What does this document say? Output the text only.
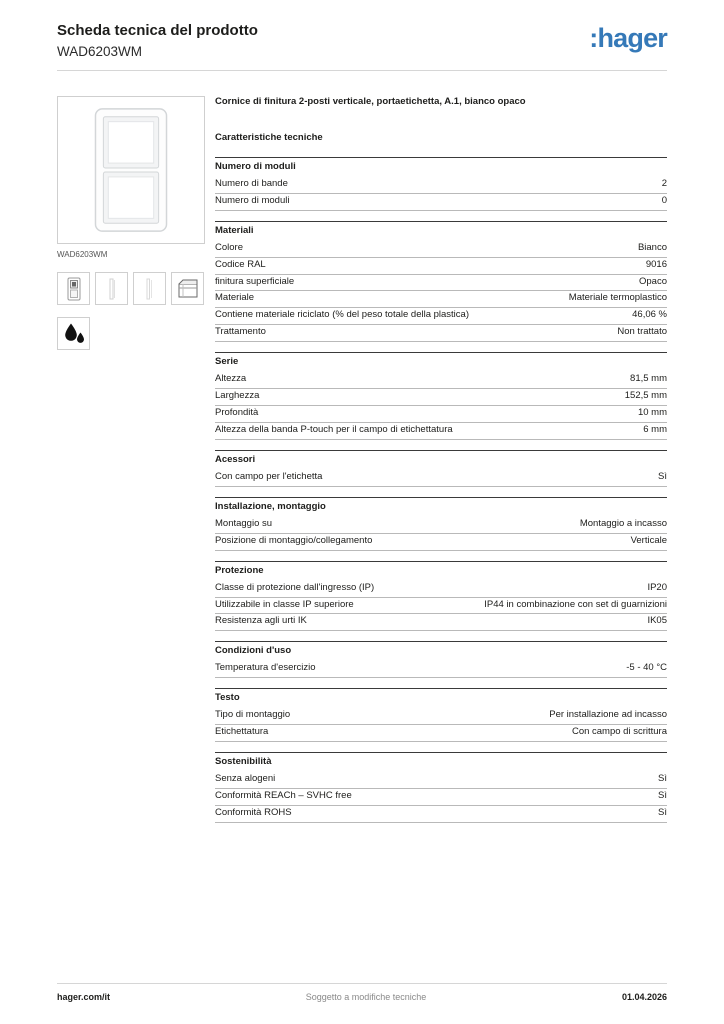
Scheda tecnica del prodotto
WAD6203WM	:hager
WAD6203WM
Cornice di finitura 2-posti verticale, portaetichetta, A.1, bianco opaco
Caratteristiche tecniche
Numero di moduli
Numero di bande	2
Numero di moduli	0
Materiali
Colore	Bianco
Codice RAL	9016
finitura superficiale	Opaco
Materiale	Materiale termoplastico
Contiene materiale riciclato (% del peso totale della plastica)	46,06 %
Trattamento	Non trattato
Serie
Altezza	81,5 mm
Larghezza	152,5 mm
Profondità	10 mm
Altezza della banda P-touch per il campo di etichettatura	6 mm
Acessori
Con campo per l'etichetta	Sì
Installazione, montaggio
Montaggio su	Montaggio a incasso
Posizione di montaggio/collegamento	Verticale
Protezione
Classe di protezione dall'ingresso (IP)	IP20
Utilizzabile in classe IP superiore	IP44 in combinazione con set di guarnizioni
Resistenza agli urti IK	IK05
Condizioni d'uso
Temperatura d'esercizio	-5 - 40 °C
Testo
Tipo di montaggio	Per installazione ad incasso
Etichettatura	Con campo di scrittura
Sostenibilità
Senza alogeni	Sì
Conformità REACh – SVHC free	Sì
Conformità ROHS	Sì
hager.com/it	Soggetto a modifiche tecniche	01.04.2026
